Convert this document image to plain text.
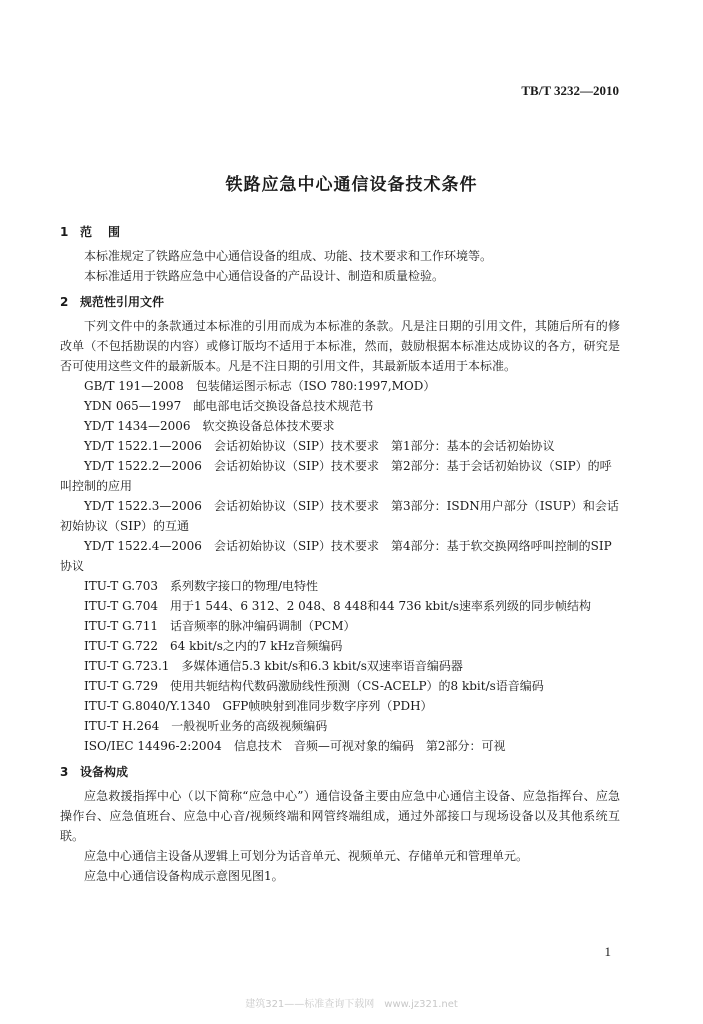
TB/T 3232—2010
铁路应急中心通信设备技术条件
1 范围

本标准规定了铁路应急中心通信设备的组成、功能、技术要求和工作环境等。

本标准适用于铁路应急中心通信设备的产品设计、制造和质量检验。

2 规范性引用文件

下列文件中的条款通过本标准的引用而成为本标准的条款。凡是注日期的引用文件，其随后所有的修改单（不包括勘误的内容）或修订版均不适用于本标准，然而，鼓励根据本标准达成协议的各方，研究是否可使用这些文件的最新版本。凡是不注日期的引用文件，其最新版本适用于本标准。

GB/T 191—2008　 包装储运图示标志（ISO 780:1997,MOD）

YDN 065—1997　 邮电部电话交换设备总技术规范书

YD/T 1434—2006　 软交换设备总体技术要求

YD/T 1522.1—2006　 会话初始协议（SIP）技术要求　第1部分：基本的会话初始协议

YD/T 1522.2—2006　 会话初始协议（SIP）技术要求　第2部分：基于会话初始协议（SIP）的呼叫控制的应用

YD/T 1522.3—2006　 会话初始协议（SIP）技术要求　第3部分：ISDN用户部分（ISUP）和会话初始协议（SIP）的互通

YD/T 1522.4—2006　 会话初始协议（SIP）技术要求　第4部分：基于软交换网络呼叫控制的SIP协议

ITU-T G.703　 系列数字接口的物理/电特性

ITU-T G.704　 用于1 544、6 312、2 048、8 448和44 736 kbit/s速率系列级的同步帧结构

ITU-T G.711　 话音频率的脉冲编码调制（PCM）

ITU-T G.722　 64 kbit/s之内的7 kHz音频编码

ITU-T G.723.1　 多媒体通信5.3 kbit/s和6.3 kbit/s双速率语音编码器

ITU-T G.729　 使用共轭结构代数码激励线性预测（CS-ACELP）的8 kbit/s语音编码

ITU-T G.8040/Y.1340　 GFP帧映射到准同步数字序列（PDH）

ITU-T H.264　 一般视听业务的高级视频编码

ISO/IEC 14496-2:2004　 信息技术　音频—可视对象的编码　第2部分：可视

3 设备构成

应急救援指挥中心（以下简称“应急中心”）通信设备主要由应急中心通信主设备、应急指挥台、应急操作台、应急值班台、应急中心音/视频终端和网管终端组成，通过外部接口与现场设备以及其他系统互联。

应急中心通信主设备从逻辑上可划分为话音单元、视频单元、存储单元和管理单元。

应急中心通信设备构成示意图见图1。

1
建筑321——标准查询下载网　www.jz321.net
